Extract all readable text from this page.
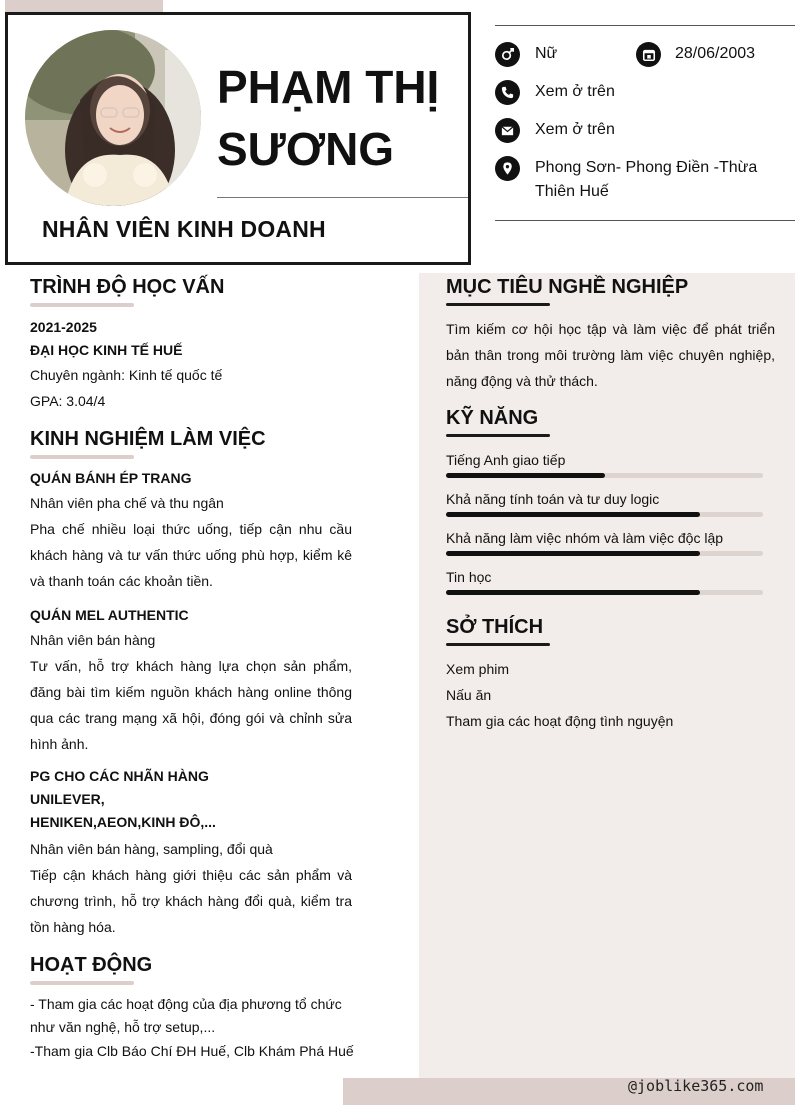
@joblike365.com
PHẠM THỊ SƯƠNG
NHÂN VIÊN KINH DOANH
Nữ	28/06/2003
Xem ở trên
Xem ở trên
Phong Sơn- Phong Điền -Thừa Thiên Huế
TRÌNH ĐỘ HỌC VẤN
2021-2025
ĐẠI HỌC KINH TẾ HUẾ
Chuyên ngành: Kinh tế quốc tế
GPA: 3.04/4
KINH NGHIỆM LÀM VIỆC
QUÁN BÁNH ÉP TRANG
Nhân viên pha chế và thu ngân
Pha chế nhiều loại thức uống, tiếp cận nhu cầu khách hàng và tư vấn thức uống phù hợp, kiểm kê và thanh toán các khoản tiền.
QUÁN MEL AUTHENTIC
Nhân viên bán hàng
Tư vấn, hỗ trợ khách hàng lựa chọn sản phẩm, đăng bài tìm kiếm nguồn khách hàng online thông qua các trang mạng xã hội, đóng gói và chỉnh sửa hình ảnh.
PG CHO CÁC NHÃN HÀNG UNILEVER, HENIKEN,AEON,KINH ĐÔ,...
Nhân viên bán hàng, sampling, đổi quà
Tiếp cận khách hàng giới thiệu các sản phẩm và chương trình, hỗ trợ khách hàng đổi quà, kiểm tra tồn hàng hóa.
HOẠT ĐỘNG
- Tham gia các hoạt động của địa phương tổ chức như văn nghệ, hỗ trợ setup,...
-Tham gia Clb Báo Chí ĐH Huế, Clb Khám Phá Huế
MỤC TIÊU NGHỀ NGHIỆP
Tìm kiếm cơ hội học tập và làm việc để phát triển bản thân trong môi trường làm việc chuyên nghiệp, năng động và thử thách.
KỸ NĂNG
Tiếng Anh giao tiếp
Khả năng tính toán và tư duy logic
Khả năng làm việc nhóm và làm việc độc lập
Tin học
SỞ THÍCH
Xem phim
Nấu ăn
Tham gia các hoạt động tình nguyện
